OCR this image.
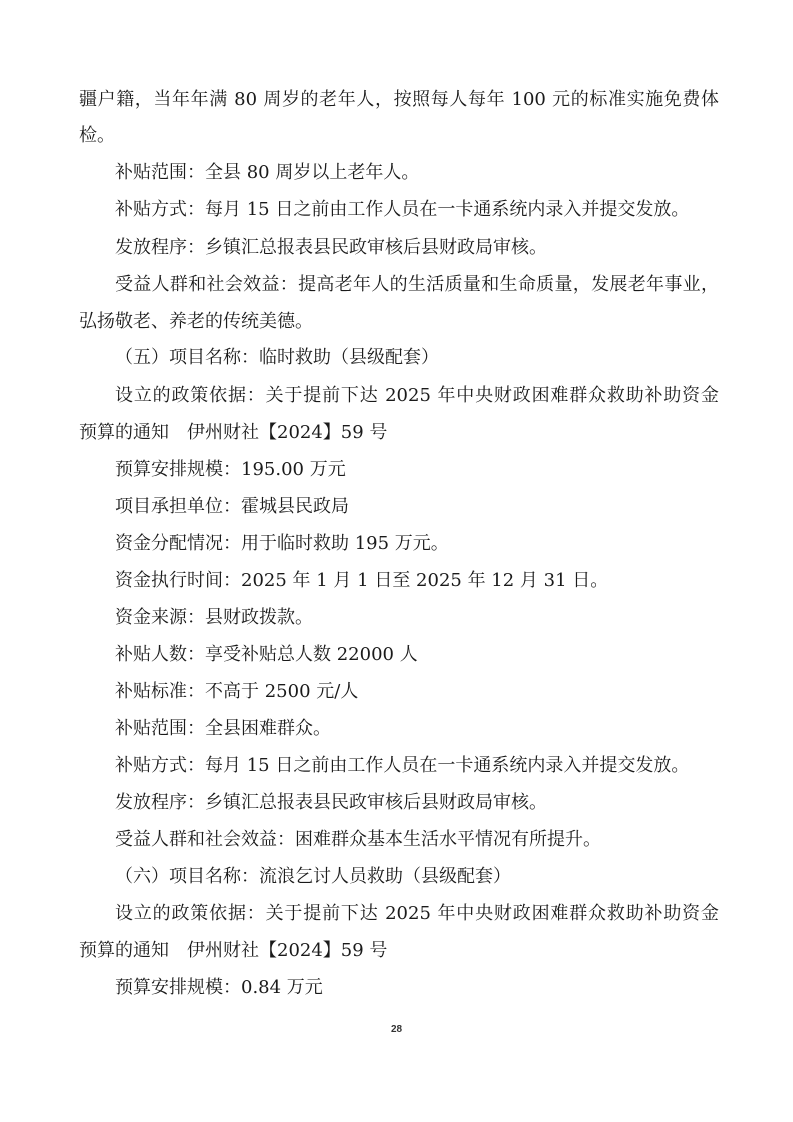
疆户籍，当年年满 80 周岁的老年人，按照每人每年 100 元的标准实施免费体
检。
补贴范围：全县 80 周岁以上老年人。
补贴方式：每月 15 日之前由工作人员在一卡通系统内录入并提交发放。
发放程序：乡镇汇总报表县民政审核后县财政局审核。
受益人群和社会效益：提高老年人的生活质量和生命质量，发展老年事业，
弘扬敬老、养老的传统美德。
（五）项目名称：临时救助（县级配套）
设立的政策依据：关于提前下达 2025 年中央财政困难群众救助补助资金
预算的通知　伊州财社【2024】59 号
预算安排规模：195.00 万元
项目承担单位：霍城县民政局
资金分配情况：用于临时救助 195 万元。
资金执行时间：2025 年 1 月 1 日至 2025 年 12 月 31 日。
资金来源：县财政拨款。
补贴人数：享受补贴总人数 22000 人
补贴标准：不高于 2500 元/人
补贴范围：全县困难群众。
补贴方式：每月 15 日之前由工作人员在一卡通系统内录入并提交发放。
发放程序：乡镇汇总报表县民政审核后县财政局审核。
受益人群和社会效益：困难群众基本生活水平情况有所提升。
（六）项目名称：流浪乞讨人员救助（县级配套）
设立的政策依据：关于提前下达 2025 年中央财政困难群众救助补助资金
预算的通知　伊州财社【2024】59 号
预算安排规模：0.84 万元
28
